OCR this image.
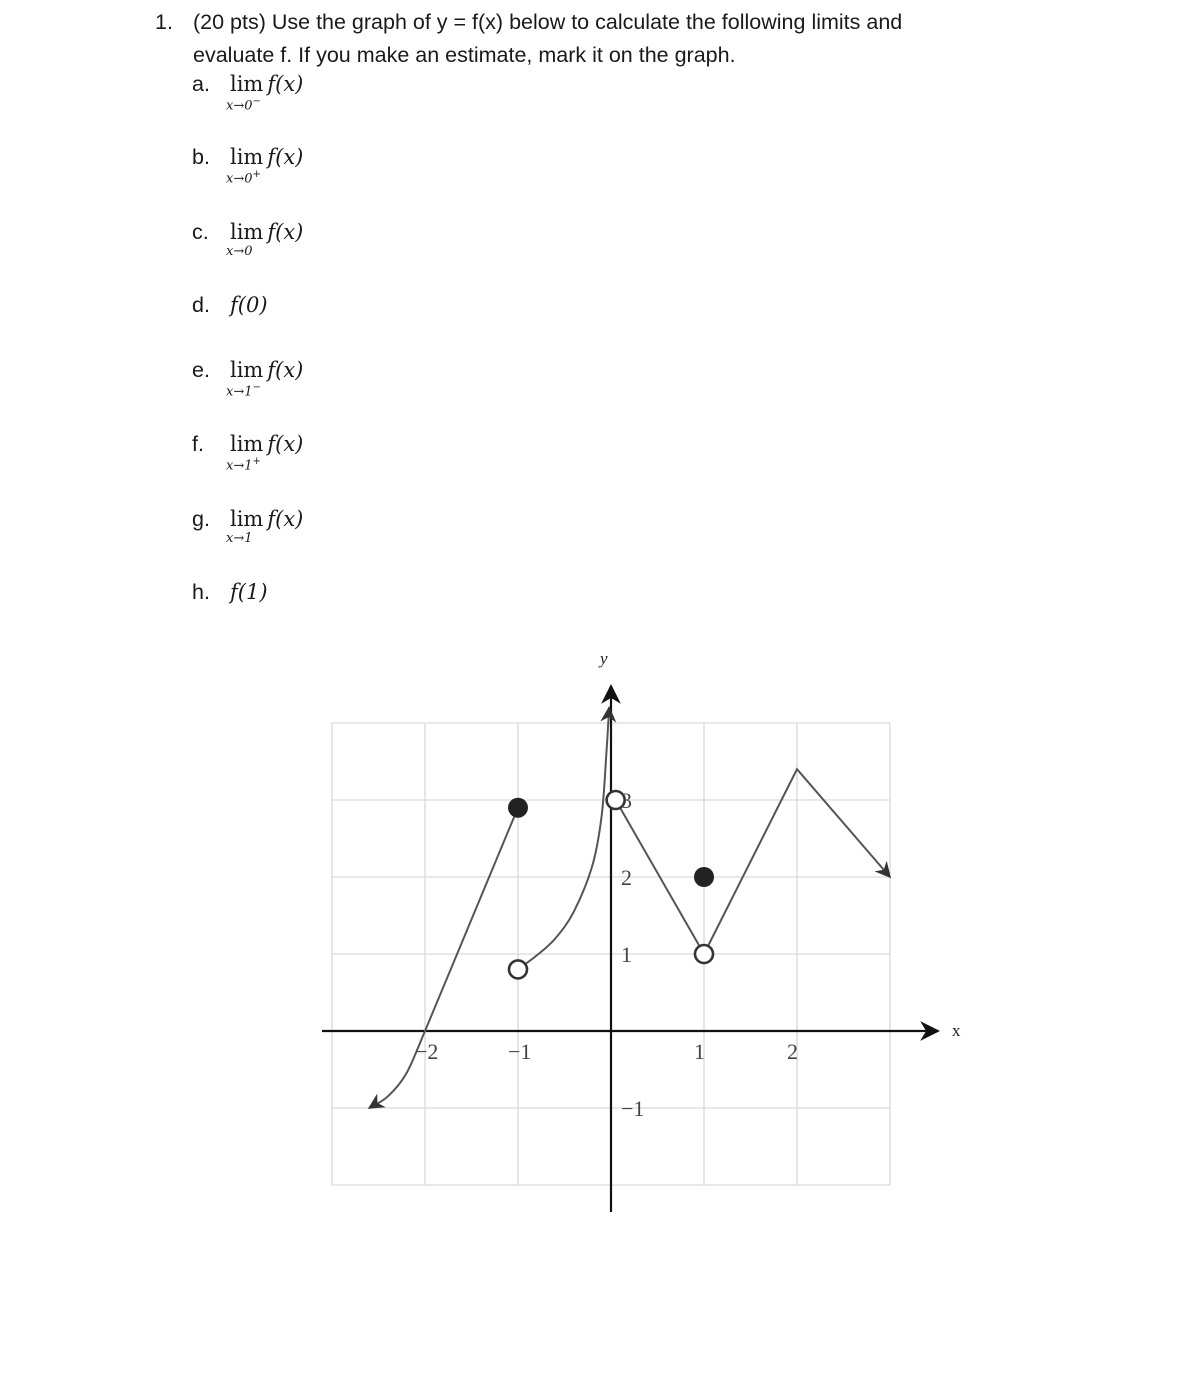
1. (20 pts) Use the graph of y = f(x) below to calculate the following limits and
evaluate f. If you make an estimate, mark it on the graph.
a. lim
x→0−
f(x)
b. lim
x→0+
f(x)
c. lim
x→0
f(x)
d. f(0)
e. lim
x→1−
f(x)
f. lim
x→1+
f(x)
g. lim
x→1
f(x)
h. f(1)
x
y
−2	−1	1	2
−1
1
2
3
